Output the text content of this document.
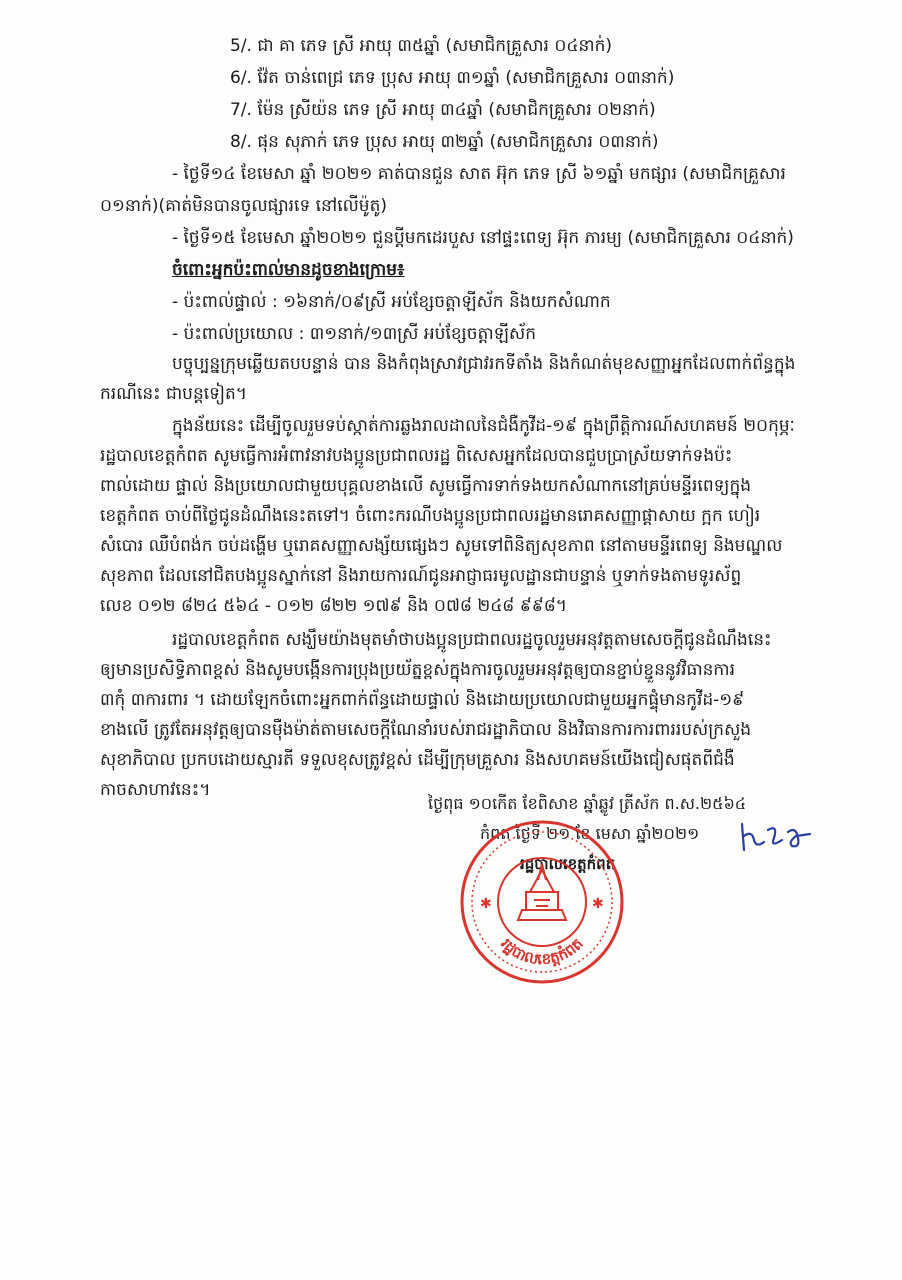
5/. ជា គា ភេទ ស្រី អាយុ ៣៥ឆ្នាំ (សមាជិកគ្រួសារ ០៤នាក់)
6/. វ៉ែត ចាន់ពេជ្រ ភេទ ប្រុស អាយុ ៣១ឆ្នាំ (សមាជិកគ្រួសារ ០៣នាក់)
7/. ម៉ែន ស្រីយ៉ន ភេទ ស្រី អាយុ ៣៤ឆ្នាំ (សមាជិកគ្រួសារ ០២នាក់)
8/. ផុន សុភាក់ ភេទ ប្រុស អាយុ ៣២ឆ្នាំ (សមាជិកគ្រួសារ ០៣នាក់)
- ថ្ងៃទី១៤ ខែមេសា ឆ្នាំ ២០២១ គាត់បានជួន សាត អ៊ុក ភេទ ស្រី ៦១ឆ្នាំ មកផ្សារ (សមាជិកគ្រួសារ
០១នាក់)(គាត់មិនបានចូលផ្សារទេ នៅលើម៉ូតូ)
- ថ្ងៃទី១៥ ខែមេសា ឆ្នាំ២០២១ ជួនប្តីមកដេរបួស នៅផ្ទះពេទ្យ អ៊ុក ភារម្យ (សមាជិកគ្រួសារ ០៤នាក់)
ចំពោះអ្នកប៉ះពាល់មានដូចខាងក្រោម៖
- ប៉ះពាល់ផ្ទាល់ : ១៦នាក់/០៩ស្រី អប់ខ្សែចត្តាឡីស័ក និងយកសំណាក
- ប៉ះពាល់ប្រយោល : ៣១នាក់/១៣ស្រី អប់ខ្សែចត្តាឡីស័ក
បច្ចុប្បន្នក្រុមឆ្លើយតបបន្ទាន់ បាន និងកំពុងស្រាវជ្រាវរកទីតាំង និងកំណត់មុខសញ្ញាអ្នកដែលពាក់ព័ន្ធក្នុង
ករណីនេះ ជាបន្តទៀត។
ក្នុងន័យនេះ ដើម្បីចូលរួមទប់ស្កាត់ការឆ្លងរាលដាលនៃជំងឺកូវីដ-១៩ ក្នុងព្រឹត្តិការណ៍សហគមន៍ ២០កុម្ភៈ
រដ្ឋបាលខេត្តកំពត សូមធ្វើការអំពាវនាវបងប្អូនប្រជាពលរដ្ឋ ពិសេសអ្នកដែលបានជួបប្រាស្រ័យទាក់ទងប៉ះ
ពាល់ដោយ ផ្ទាល់ និងប្រយោលជាមួយបុគ្គលខាងលើ សូមធ្វើការទាក់ទងយកសំណាកនៅគ្រប់មន្ទីរពេទ្យក្នុង
ខេត្តកំពត ចាប់ពីថ្ងៃជូនដំណឹងនេះតទៅ។ ចំពោះករណីបងប្អូនប្រជាពលរដ្ឋមានរោគសញ្ញាផ្តាសាយ ក្អក ហៀរ
សំបោរ ឈឺបំពង់ក ចប់ដង្ហើម ឬរោគសញ្ញាសង្ស័យផ្សេងៗ សូមទៅពិនិត្យសុខភាព នៅតាមមន្ទីរពេទ្យ និងមណ្ឌល
សុខភាព ដែលនៅជិតបងប្អូនស្នាក់នៅ និងរាយការណ៍ជូនអាជ្ញាធរមូលដ្ឋានជាបន្ទាន់ ឬទាក់ទងតាមទូរស័ព្ទ
លេខ ០១២ ៨២៤ ៥៦៤ - ០១២ ៨២២ ១៧៩ និង ០៧៨ ២៤៨ ៩៩៨។
រដ្ឋបាលខេត្តកំពត សង្ឃឹមយ៉ាងមុតមាំថាបងប្អូនប្រជាពលរដ្ឋចូលរួមអនុវត្តតាមសេចក្តីជូនដំណឹងនេះ
ឲ្យមានប្រសិទ្ធិភាពខ្ពស់ និងសូមបង្កើនការប្រុងប្រយ័ត្នខ្ពស់ក្នុងការចូលរួមអនុវត្តឲ្យបានខ្ជាប់ខ្ជួននូវវិធានការ
៣កុំ ៣ការពារ ។ ដោយឡែកចំពោះអ្នកពាក់ព័ន្ធដោយផ្ទាល់ និងដោយប្រយោលជាមួយអ្នកផ្ទុំមានកូវីដ-១៩
ខាងលើ ត្រូវតែអនុវត្តឲ្យបានម៉ឺងម៉ាត់តាមសេចក្តីណែនាំរបស់រាជរដ្ឋាភិបាល និងវិធានការការពាររបស់ក្រសួង
សុខាភិបាល ប្រកបដោយស្មារតី ទទួលខុសត្រូវខ្ពស់ ដើម្បីក្រុមគ្រួសារ និងសហគមន៍យើងជៀសផុតពីជំងឺ
កាចសាហាវនេះ។
ថ្ងៃពុធ ១០កើត ខែពិសាខ ឆ្នាំឆ្លូវ ត្រីស័ក ព.ស.២៥៦៤
កំពត ថ្ងៃទី ២១ ខែ មេសា ឆ្នាំ២០២១
រដ្ឋបាលខេត្តកំពត
✱	✱
រដ្ឋបាលខេត្តកំពត
